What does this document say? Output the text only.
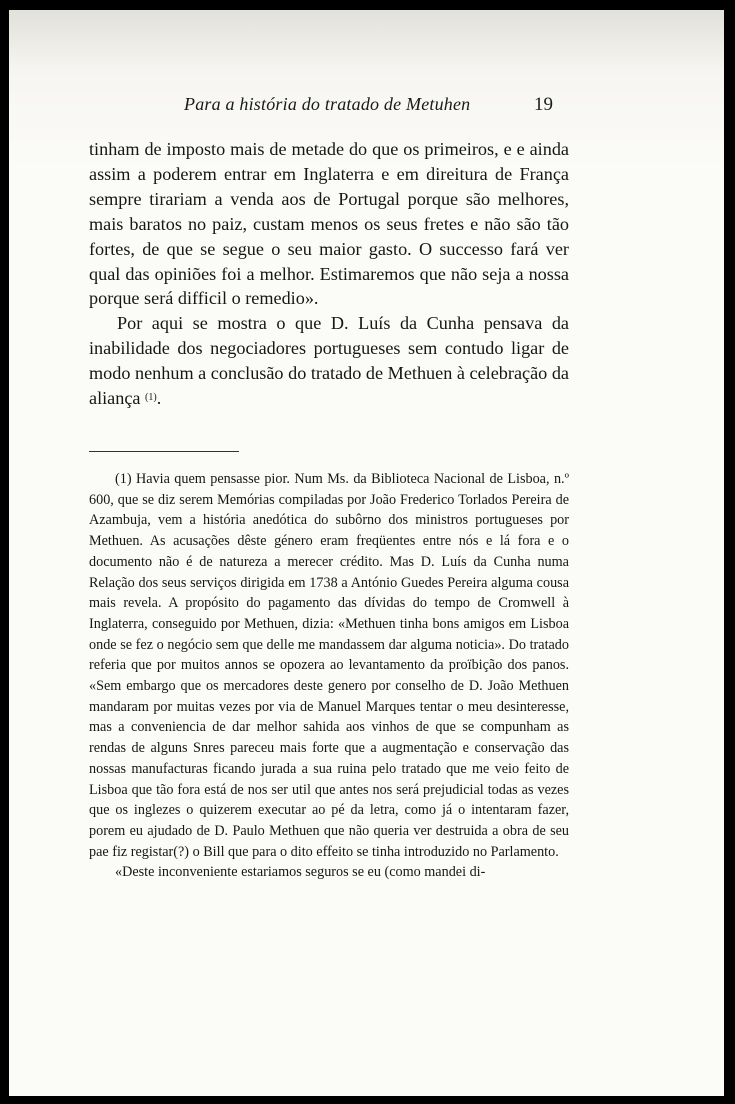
Para a história do tratado de Metuhen	19

tinham de imposto mais de metade do que os primeiros, e e ainda assim a poderem entrar em Inglaterra e em direitura de França sempre tirariam a venda aos de Portugal porque são melhores, mais baratos no paiz, custam menos os seus fretes e não são tão fortes, de que se segue o seu maior gasto. O successo fará ver qual das opiniões foi a melhor. Estimaremos que não seja a nossa porque será difficil o remedio».

Por aqui se mostra o que D. Luís da Cunha pensava da inabilidade dos negociadores portugueses sem contudo ligar de modo nenhum a conclusão do tratado de Methuen à celebração da aliança $^{(1)}$.

(1) Havia quem pensasse pior. Num Ms. da Biblioteca Nacional de Lisboa, n.º 600, que se diz serem Memórias compiladas por João Frederico Torlados Pereira de Azambuja, vem a história anedótica do subôrno dos ministros portugueses por Methuen. As acusações dêste género eram freqüentes entre nós e lá fora e o documento não é de natureza a merecer crédito. Mas D. Luís da Cunha numa Relação dos seus serviços dirigida em 1738 a António Guedes Pereira alguma cousa mais revela. A propósito do pagamento das dívidas do tempo de Cromwell à Inglaterra, conseguido por Methuen, dizia: «Methuen tinha bons amigos em Lisboa onde se fez o negócio sem que delle me mandassem dar alguma noticia». Do tratado referia que por muitos annos se opozera ao levantamento da proïbição dos panos. «Sem embargo que os mercadores deste genero por conselho de D. João Methuen mandaram por muitas vezes por via de Manuel Marques tentar o meu desinteresse, mas a conveniencia de dar melhor sahida aos vinhos de que se compunham as rendas de alguns Snres pareceu mais forte que a augmentação e conservação das nossas manufacturas ficando jurada a sua ruina pelo tratado que me veio feito de Lisboa que tão fora está de nos ser util que antes nos será prejudicial todas as vezes que os inglezes o quizerem executar ao pé da letra, como já o intentaram fazer, porem eu ajudado de D. Paulo Methuen que não queria ver destruida a obra de seu pae fiz registar(?) o Bill que para o dito effeito se tinha introduzido no Parlamento.

«Deste inconveniente estariamos seguros se eu (como mandei di-
